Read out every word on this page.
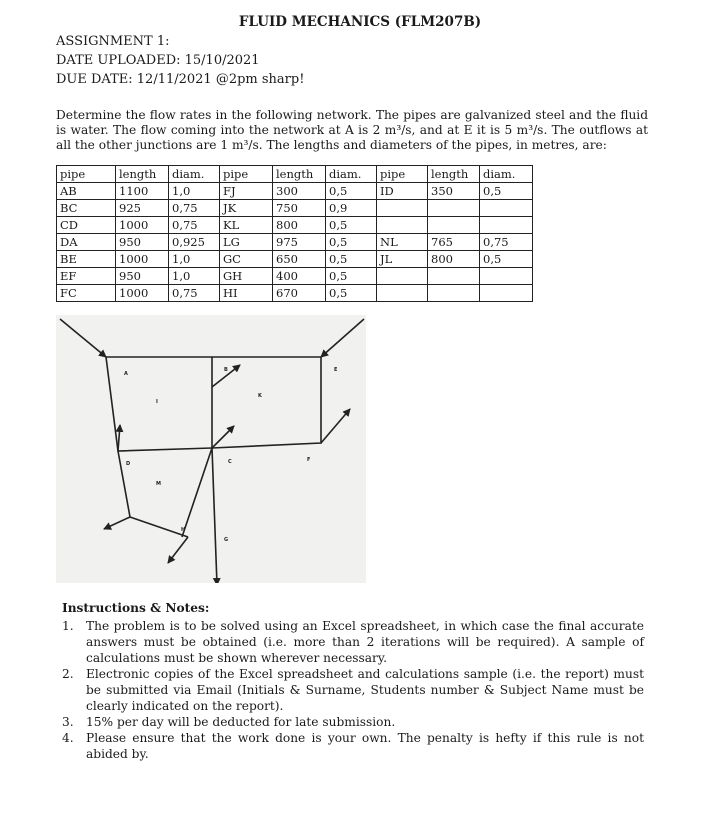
FLUID MECHANICS (FLM207B)
ASSIGNMENT 1:
DATE UPLOADED: 15/10/2021
DUE DATE: 12/11/2021 @2pm sharp!
Determine the flow rates in the following network. The pipes are galvanized steel and the fluid is water. The flow coming into the network at A is 2 m³/s, and at E it is 5 m³/s. The outflows at all the other junctions are 1 m³/s. The lengths and diameters of the pipes, in metres, are:
pipe	length	diam.	pipe	length	diam.	pipe	length	diam.
AB	1100	1,0	FJ	300	0,5	ID	350	0,5
BC	925	0,75	JK	750	0,9			
CD	1000	0,75	KL	800	0,5			
DA	950	0,925	LG	975	0,5	NL	765	0,75
BE	1000	1,0	GC	650	0,5	JL	800	0,5
EF	950	1,0	GH	400	0,5			
FC	1000	0,75	HI	670	0,5			
A
B	E
I
K
D	C	F
M
H
G
Instructions & Notes:
1. The problem is to be solved using an Excel spreadsheet, in which case the final accurate answers must be obtained (i.e. more than 2 iterations will be required). A sample of calculations must be shown wherever necessary.
2. Electronic copies of the Excel spreadsheet and calculations sample (i.e. the report) must be submitted via Email (Initials & Surname, Students number & Subject Name must be clearly indicated on the report).
3. 15% per day will be deducted for late submission.
4. Please ensure that the work done is your own. The penalty is hefty if this rule is not abided by.
